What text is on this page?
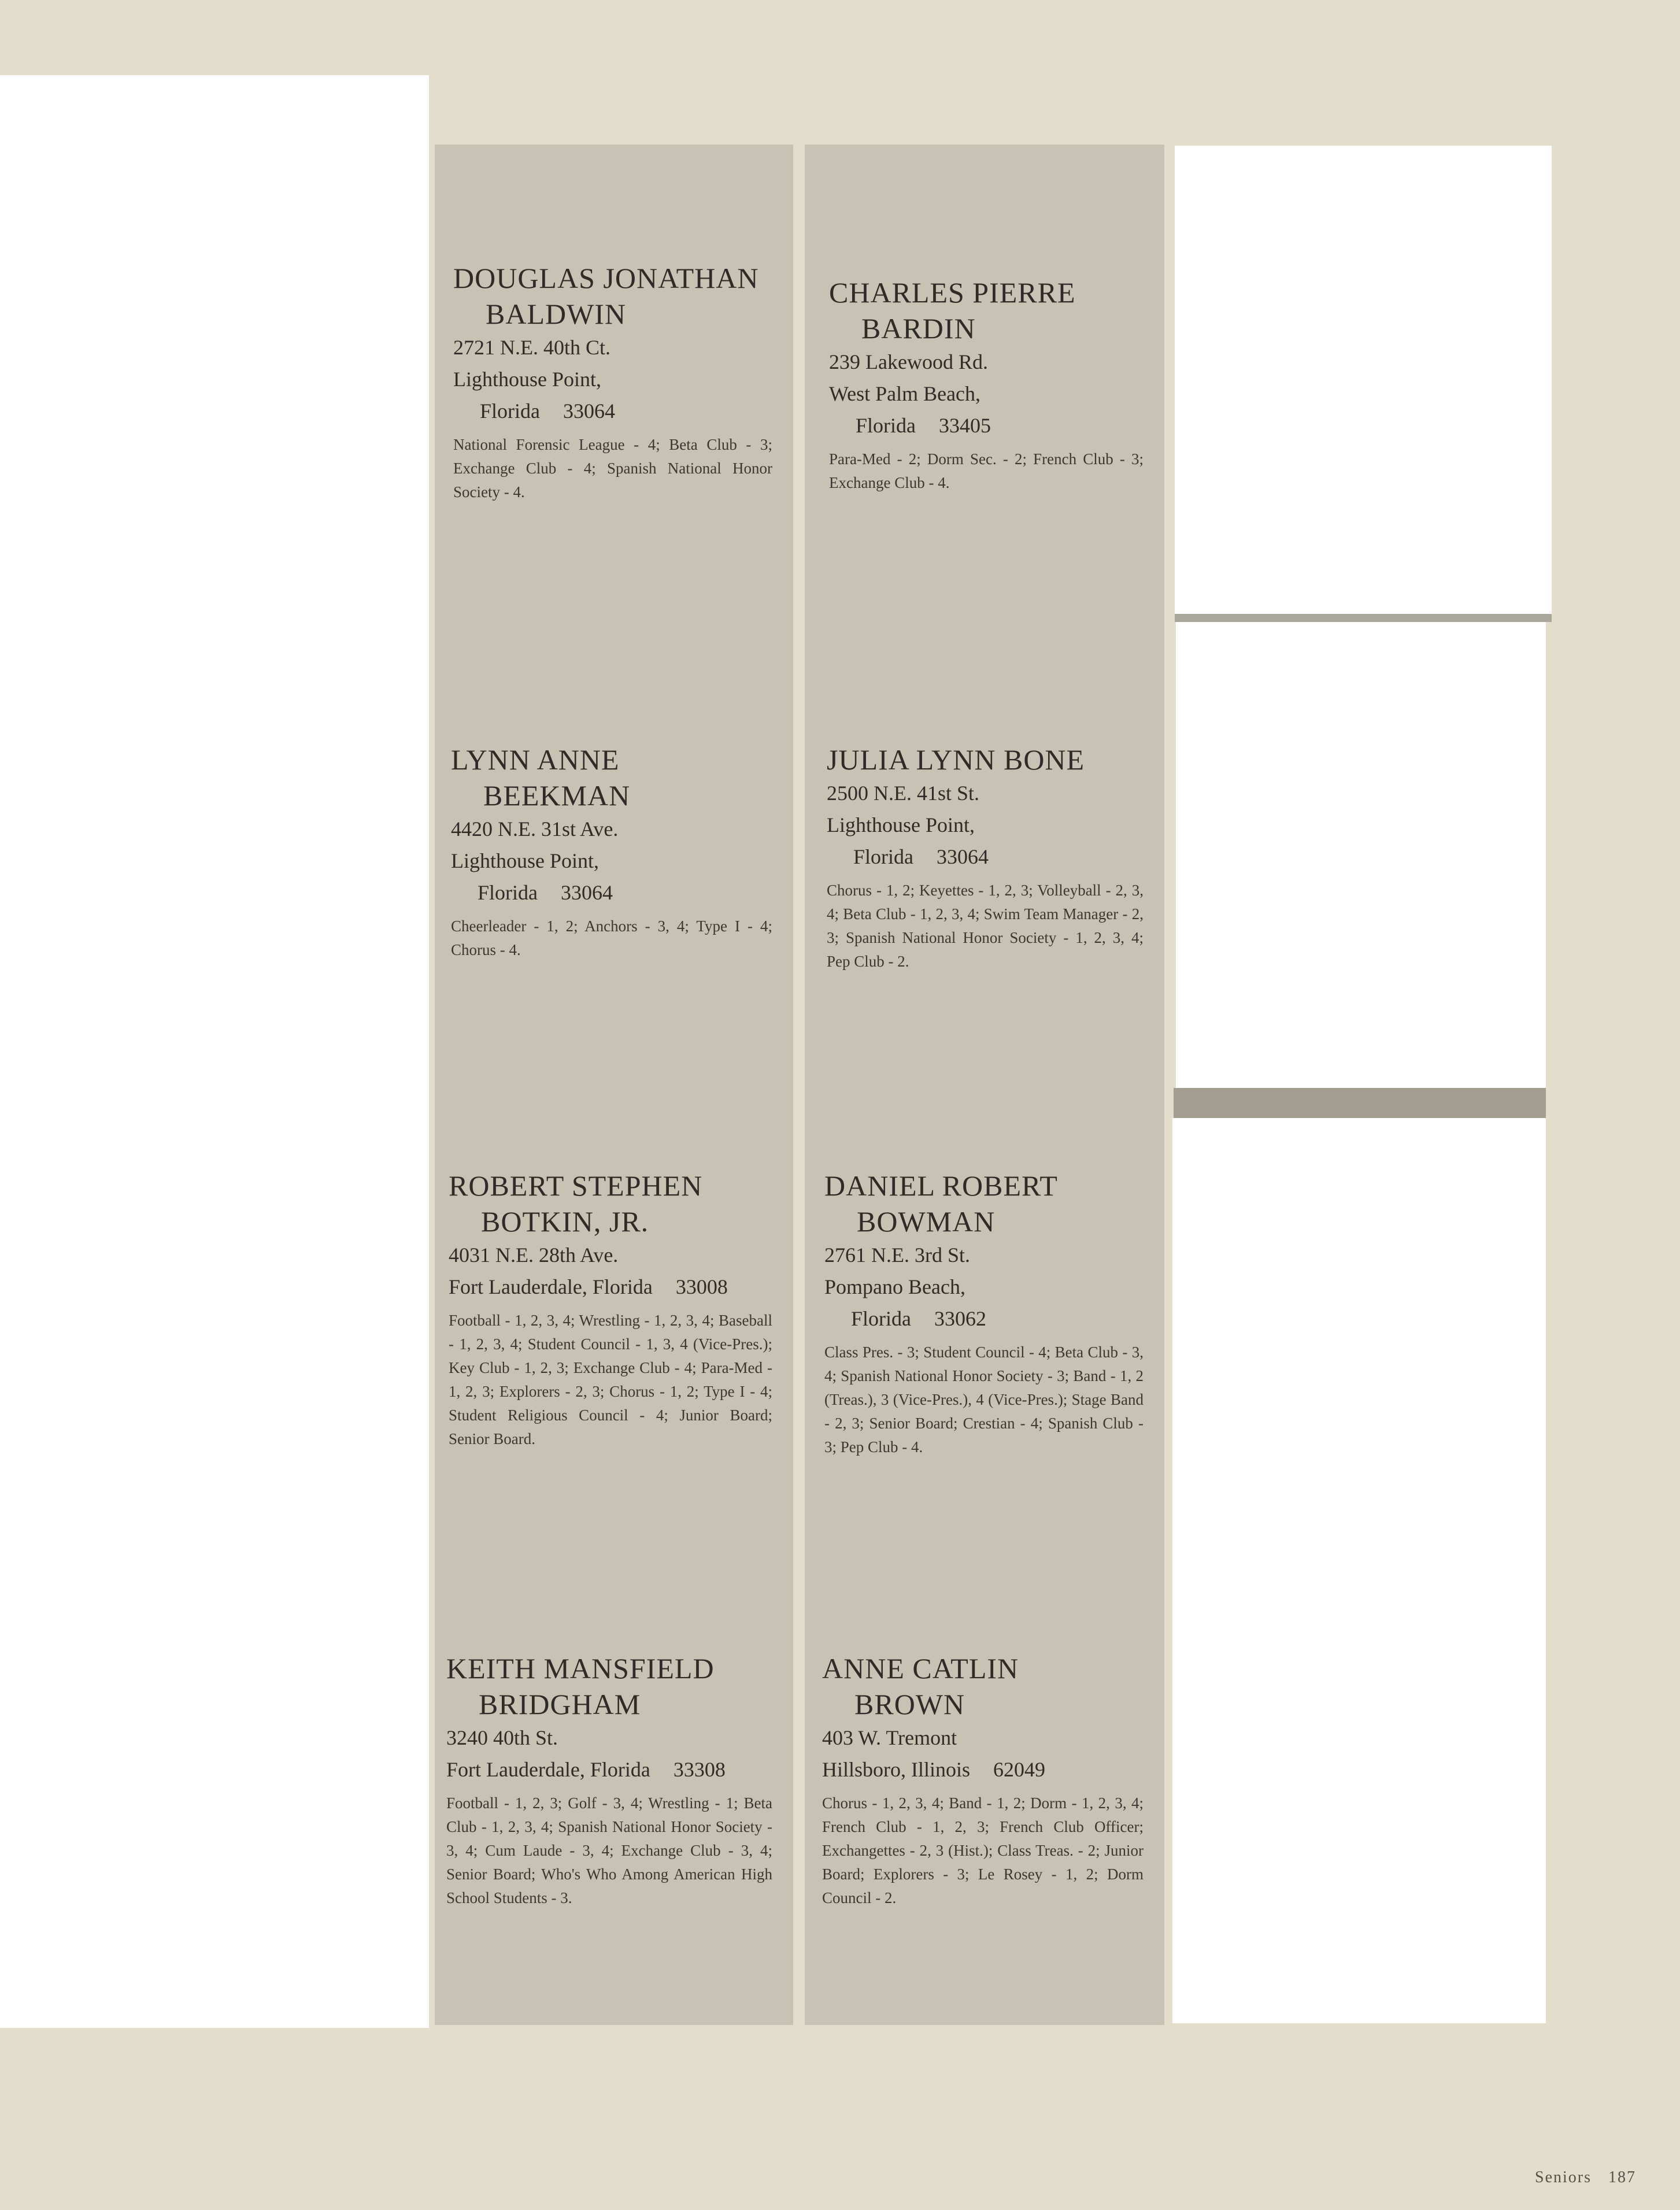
DOUGLAS JONATHAN
BALDWIN

2721 N.E. 40th Ct.
Lighthouse Point,
Florida 33064

National Forensic League - 4; Beta Club - 3; Exchange Club - 4; Spanish National Honor Society - 4.

LYNN ANNE
BEEKMAN

4420 N.E. 31st Ave.
Lighthouse Point,
Florida 33064

Cheerleader - 1, 2; Anchors - 3, 4; Type I - 4; Chorus - 4.

ROBERT STEPHEN
BOTKIN, JR.

4031 N.E. 28th Ave.
Fort Lauderdale, Florida 33008

Football - 1, 2, 3, 4; Wrestling - 1, 2, 3, 4; Baseball - 1, 2, 3, 4; Student Council - 1, 3, 4 (Vice-Pres.); Key Club - 1, 2, 3; Exchange Club - 4; Para-Med - 1, 2, 3; Explorers - 2, 3; Chorus - 1, 2; Type I - 4; Student Religious Council - 4; Junior Board; Senior Board.

KEITH MANSFIELD
BRIDGHAM

3240 40th St.
Fort Lauderdale, Florida 33308

Football - 1, 2, 3; Golf - 3, 4; Wrestling - 1; Beta Club - 1, 2, 3, 4; Spanish National Honor Society - 3, 4; Cum Laude - 3, 4; Exchange Club - 3, 4; Senior Board; Who's Who Among American High School Students - 3.

CHARLES PIERRE
BARDIN

239 Lakewood Rd.
West Palm Beach,
Florida 33405

Para-Med - 2; Dorm Sec. - 2; French Club - 3; Exchange Club - 4.

JULIA LYNN BONE

2500 N.E. 41st St.
Lighthouse Point,
Florida 33064

Chorus - 1, 2; Keyettes - 1, 2, 3; Volleyball - 2, 3, 4; Beta Club - 1, 2, 3, 4; Swim Team Manager - 2, 3; Spanish National Honor Society - 1, 2, 3, 4; Pep Club - 2.

DANIEL ROBERT
BOWMAN

2761 N.E. 3rd St.
Pompano Beach,
Florida 33062

Class Pres. - 3; Student Council - 4; Beta Club - 3, 4; Spanish National Honor Society - 3; Band - 1, 2 (Treas.), 3 (Vice-Pres.), 4 (Vice-Pres.); Stage Band - 2, 3; Senior Board; Crestian - 4; Spanish Club - 3; Pep Club - 4.

ANNE CATLIN
BROWN

403 W. Tremont
Hillsboro, Illinois 62049

Chorus - 1, 2, 3, 4; Band - 1, 2; Dorm - 1, 2, 3, 4; French Club - 1, 2, 3; French Club Officer; Exchangettes - 2, 3 (Hist.); Class Treas. - 2; Junior Board; Explorers - 3; Le Rosey - 1, 2; Dorm Council - 2.
Seniors 187
